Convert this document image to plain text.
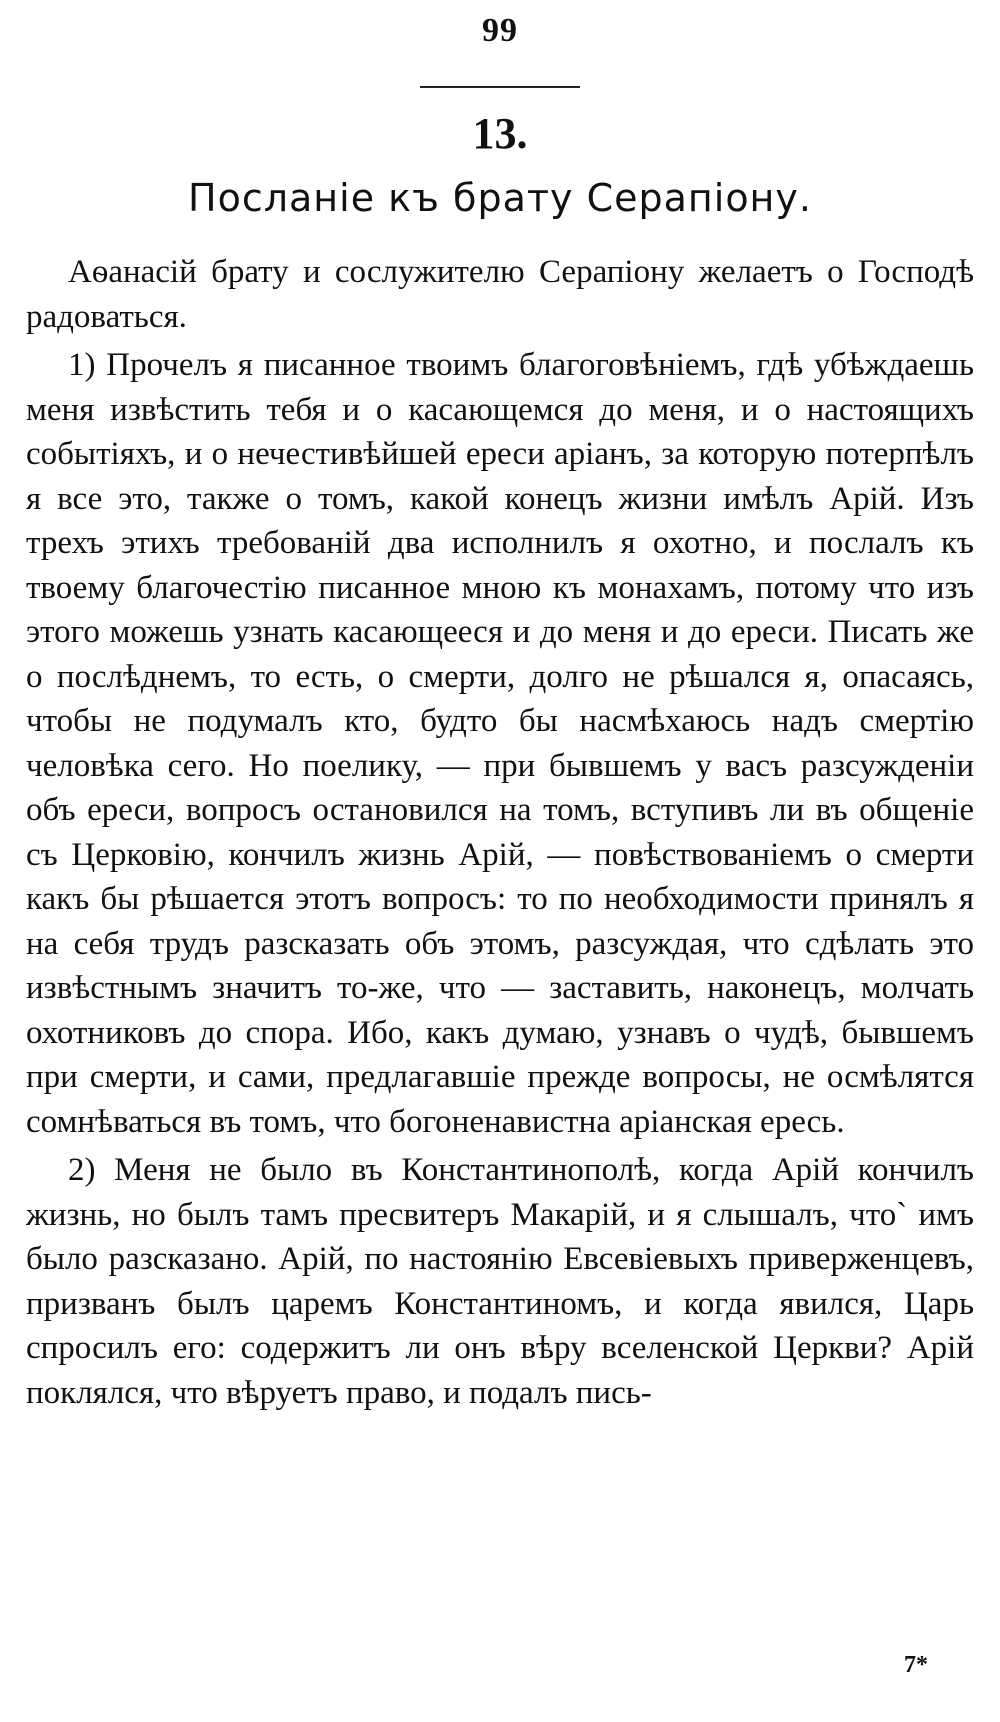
99
13.
Посланіе къ брату Серапіону.

Аѳанасій брату и сослужителю Серапіону желаетъ о Господѣ радоваться.

1) Прочелъ я писанное твоимъ благоговѣніемъ, гдѣ убѣждаешь меня извѣстить тебя и о касающемся до меня, и о настоящихъ событіяхъ, и о нечестивѣйшей ереси аріанъ, за которую потерпѣлъ я все это, также о томъ, какой конецъ жизни имѣлъ Арій. Изъ трехъ этихъ требованій два исполнилъ я охотно, и послалъ къ твоему благочестію писанное мною къ монахамъ, потому что изъ этого можешь узнать касающееся и до меня и до ереси. Писать же о послѣднемъ, то есть, о смерти, долго не рѣшался я, опасаясь, чтобы не подумалъ кто, будто бы насмѣхаюсь надъ смертію человѣка сего. Но поелику, — при бывшемъ у васъ разсужденіи объ ереси, вопросъ остановился на томъ, вступивъ ли въ общеніе съ Церковію, кончилъ жизнь Арій, — повѣствованіемъ о смерти какъ бы рѣшается этотъ вопросъ: то по необходимости принялъ я на себя трудъ разсказать объ этомъ, разсуждая, что сдѣлать это извѣстнымъ значитъ то-же, что — заставить, наконецъ, молчать охотниковъ до спора. Ибо, какъ думаю, узнавъ о чудѣ, бывшемъ при смерти, и сами, предлагавшіе прежде вопросы, не осмѣлятся сомнѣваться въ томъ, что богоненавистна аріанская ересь.

2) Меня не было въ Константинополѣ, когда Арій кончилъ жизнь, но былъ тамъ пресвитеръ Макарій, и я слышалъ, что` имъ было разсказано. Арій, по настоянію Евсевіевыхъ приверженцевъ, призванъ былъ царемъ Константиномъ, и когда явился, Царь спросилъ его: содержитъ ли онъ вѣру вселенской Церкви? Арій поклялся, что вѣруетъ право, и подалъ пись-

7*
